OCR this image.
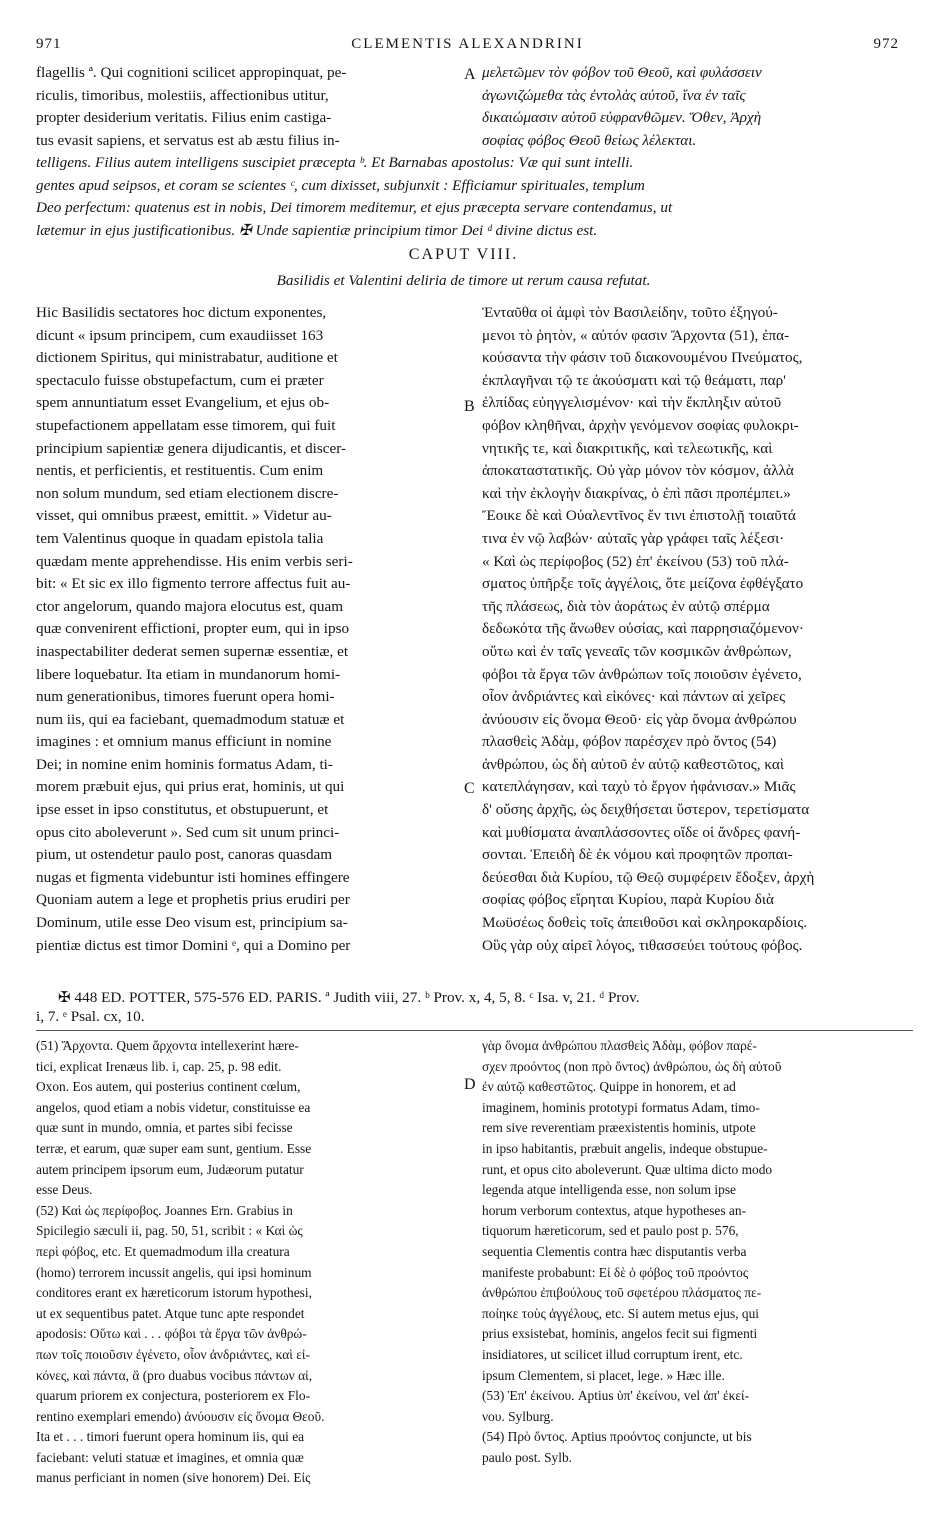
971	CLEMENTIS ALEXANDRINI	972
flagellis ª. Qui cognitioni scilicet appropinquat, pe-
riculis, timoribus, molestiis, affectionibus utitur,
propter desiderium veritatis. Filius enim castiga-
tus evasit sapiens, et servatus est ab æstu filius in-
A μελετῶμεν τὸν φόβον τοῦ Θεοῦ, καὶ φυλάσσειν
ἀγωνιζώμεθα τὰς ἐντολὰς αὐτοῦ, ἵνα ἐν ταῖς
δικαιώμασιν αὐτοῦ εὐφρανθῶμεν. Ὅθεν, Ἀρχὴ
σοφίας φόβος Θεοῦ θείως λέλεκται.
telligens. Filius autem intelligens suscipiet præcepta ᵇ. Et Barnabas apostolus: Væ qui sunt intelli.
gentes apud seipsos, et coram se scientes ᶜ, cum dixisset, subjunxit : Efficiamur spirituales, templum
Deo perfectum: quatenus est in nobis, Dei timorem meditemur, et ejus præcepta servare contendamus, ut
lætemur in ejus justificationibus. ✠ Unde sapientiæ principium timor Dei ᵈ divine dictus est.
CAPUT VIII.
Basilidis et Valentini deliria de timore ut rerum causa refutat.
Hic Basilidis sectatores hoc dictum exponentes,
dicunt « ipsum principem, cum exaudiisset 163
dictionem Spiritus, qui ministrabatur, auditione et
spectaculo fuisse obstupefactum, cum ei præter
spem annuntiatum esset Evangelium, et ejus ob-
stupefactionem appellatam esse timorem, qui fuit
principium sapientiæ genera dijudicantis, et discer-
nentis, et perficientis, et restituentis. Cum enim
non solum mundum, sed etiam electionem discre-
visset, qui omnibus præest, emittit. » Videtur au-
tem Valentinus quoque in quadam epistola talia
quædam mente apprehendisse. His enim verbis seri-
bit: « Et sic ex illo figmento terrore affectus fuit au-
ctor angelorum, quando majora elocutus est, quam
quæ convenirent effictioni, propter eum, qui in ipso
inaspectabiliter dederat semen supernæ essentiæ, et
libere loquebatur. Ita etiam in mundanorum homi-
num generationibus, timores fuerunt opera homi-
num iis, qui ea faciebant, quemadmodum statuæ et
imagines : et omnium manus efficiunt in nomine
Dei; in nomine enim hominis formatus Adam, ti-
morem præbuit ejus, qui prius erat, hominis, ut qui
ipse esset in ipso constitutus, et obstupuerunt, et
opus cito aboleverunt ». Sed cum sit unum princi-
pium, ut ostendetur paulo post, canoras quasdam
nugas et figmenta videbuntur isti homines effingere
Quoniam autem a lege et prophetis prius erudiri per
Dominum, utile esse Deo visum est, principium sa-
pientiæ dictus est timor Domini ᵉ, qui a Domino per
B
C
Ἐνταῦθα οἱ ἀμφὶ τὸν Βασιλείδην, τοῦτο ἐξηγού-
μενοι τὸ ῥητὸν, « αὐτόν φασιν Ἄρχοντα (51), ἐπα-
κούσαντα τὴν φάσιν τοῦ διακονουμένου Πνεύματος,
ἐκπλαγῆναι τῷ τε ἀκούσματι καὶ τῷ θεάματι, παρ'
ἐλπίδας εὐηγγελισμένον· καὶ τὴν ἔκπληξιν αὐτοῦ
φόβον κληθῆναι, ἀρχὴν γενόμενον σοφίας φυλοκρι-
νητικῆς τε, καὶ διακριτικῆς, καὶ τελεωτικῆς, καὶ
ἀποκαταστατικῆς. Οὐ γὰρ μόνον τὸν κόσμον, ἀλλὰ
καὶ τὴν ἐκλογὴν διακρίνας, ὁ ἐπὶ πᾶσι προπέμπει.»
Ἔοικε δὲ καὶ Οὐαλεντῖνος ἔν τινι ἐπιστολῇ τοιαῦτά
τινα ἐν νῷ λαβών· αὐταῖς γὰρ γράφει ταῖς λέξεσι·
« Καὶ ὡς περίφοβος (52) ἐπ' ἐκείνου (53) τοῦ πλά-
σματος ὑπῆρξε τοῖς ἀγγέλοις, ὅτε μείζονα ἐφθέγξατο
τῆς πλάσεως, διὰ τὸν ἀοράτως ἐν αὐτῷ σπέρμα
δεδωκότα τῆς ἄνωθεν οὐσίας, καὶ παρρησιαζόμενον·
οὕτω καὶ ἐν ταῖς γενεαῖς τῶν κοσμικῶν ἀνθρώπων,
φόβοι τὰ ἔργα τῶν ἀνθρώπων τοῖς ποιοῦσιν ἐγένετο,
οἷον ἀνδριάντες καὶ εἰκόνες· καὶ πάντων αἱ χεῖρες
ἀνύουσιν εἰς ὄνομα Θεοῦ· εἰς γὰρ ὄνομα ἀνθρώπου
πλασθεὶς Ἀδὰμ, φόβον παρέσχεν πρὸ ὄντος (54)
ἀνθρώπου, ὡς δὴ αὐτοῦ ἐν αὐτῷ καθεστῶτος, καὶ
κατεπλάγησαν, καὶ ταχὺ τὸ ἔργον ἠφάνισαν.» Μιᾶς
δ' οὔσης ἀρχῆς, ὡς δειχθήσεται ὕστερον, τερετίσματα
καὶ μυθίσματα ἀναπλάσσοντες οἵδε οἱ ἄνδρες φανή-
σονται. Ἐπειδὴ δὲ ἐκ νόμου καὶ προφητῶν προπαι-
δεύεσθαι διὰ Κυρίου, τῷ Θεῷ συμφέρειν ἔδοξεν, ἀρχὴ
σοφίας φόβος εἴρηται Κυρίου, παρὰ Κυρίου διὰ
Μωϋσέως δοθεὶς τοῖς ἀπειθοῦσι καὶ σκληροκαρδίοις.
Οὓς γὰρ οὐχ αἱρεῖ λόγος, τιθασσεύει τούτους φόβος.
✠ 448 ED. POTTER, 575-576 ED. PARIS. ª Judith viii, 27. ᵇ Prov. x, 4, 5, 8. ᶜ Isa. v, 21. ᵈ Prov.
i, 7. ᵉ Psal. cx, 10.
(51) Ἄρχοντα. Quem ἄρχοντα intellexerint hære-
tici, explicat Irenæus lib. i, cap. 25, p. 98 edit.
Oxon. Eos autem, qui posterius continent cœlum,
angelos, quod etiam a nobis videtur, constituisse ea
quæ sunt in mundo, omnia, et partes sibi fecisse
terræ, et earum, quæ super eam sunt, gentium. Esse
autem principem ipsorum eum, Judæorum putatur
esse Deus.
(52) Καὶ ὡς περίφοβος. Joannes Ern. Grabius in
Spicilegio sæculi ii, pag. 50, 51, scribit : « Καὶ ὡς
περὶ φόβος, etc. Et quemadmodum illa creatura
(homo) terrorem incussit angelis, qui ipsi hominum
conditores erant ex hæreticorum istorum hypothesi,
ut ex sequentibus patet. Atque tunc apte respondet
apodosis: Οὕτω καὶ . . . φόβοι τὰ ἔργα τῶν ἀνθρώ-
πων τοῖς ποιοῦσιν ἐγένετο, οἷον ἀνδριάντες, καὶ εἰ-
κόνες, καὶ πάντα, ἃ (pro duabus vocibus πάντων αἱ,
quarum priorem ex conjectura, posteriorem ex Flo-
rentino exemplari emendo) ἀνύουσιν εἰς ὄνομα Θεοῦ.
Ita et . . . timori fuerunt opera hominum iis, qui ea
faciebant: veluti statuæ et imagines, et omnia quæ
manus perficiant in nomen (sive honorem) Dei. Εἰς
D
γὰρ ὄνομα ἀνθρώπου πλασθεὶς Ἀδὰμ, φόβον παρέ-
σχεν προόντος (non πρὸ ὄντος) ἀνθρώπου, ὡς δὴ αὐτοῦ
ἐν αὐτῷ καθεστῶτος. Quippe in honorem, et ad
imaginem, hominis prototypi formatus Adam, timo-
rem sive reverentiam præexistentis hominis, utpote
in ipso habitantis, præbuit angelis, indeque obstupue-
runt, et opus cito aboleverunt. Quæ ultima dicto modo
legenda atque intelligenda esse, non solum ipse
horum verborum contextus, atque hypotheses an-
tiquorum hæreticorum, sed et paulo post p. 576,
sequentia Clementis contra hæc disputantis verba
manifeste probabunt: Εἰ δὲ ὁ φόβος τοῦ προόντος
ἀνθρώπου ἐπιβούλους τοῦ σφετέρου πλάσματος πε-
ποίηκε τοὺς ἀγγέλους, etc. Si autem metus ejus, qui
prius exsistebat, hominis, angelos fecit sui figmenti
insidiatores, ut scilicet illud corruptum irent, etc.
ipsum Clementem, si placet, lege. » Hæc ille.
(53) Ἐπ' ἐκείνου. Aptius ὑπ' ἐκείνου, vel ἀπ' ἐκεί-
νου. Sylburg.
(54) Πρὸ ὄντος. Aptius προόντος conjuncte, ut bis
paulo post. Sylb.
